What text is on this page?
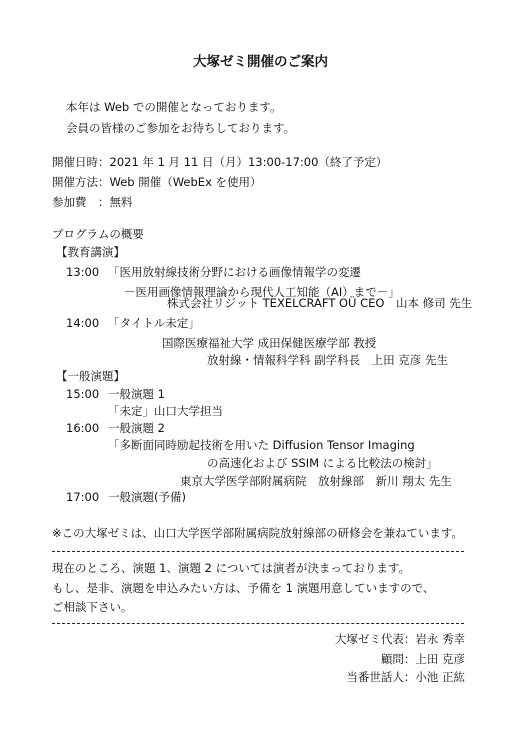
大塚ゼミ開催のご案内
本年は Web での開催となっております。
会員の皆様のご参加をお待ちしております。
開催日時：2021 年 1 月 11 日（月）13:00-17:00（終了予定）
開催方法：Web 開催（WebEx を使用）
参加費　：無料
プログラムの概要
【教育講演】
13:00 「医用放射線技術分野における画像情報学の変遷
－医用画像情報理論から現代人工知能（AI）まで－」
株式会社リジット TEXELCRAFT OÜ CEO　山本 修司 先生
14:00 「タイトル未定」
国際医療福祉大学 成田保健医療学部 教授
放射線・情報科学科 副学科長　上田 克彦 先生
【一般演題】
15:00 一般演題 1
「未定」山口大学担当
16:00 一般演題 2
「多断面同時励起技術を用いた Diffusion Tensor Imaging
の高速化および SSIM による比較法の検討」
東京大学医学部附属病院　放射線部　新川 翔太 先生
17:00 一般演題(予備)
※この大塚ゼミは、山口大学医学部附属病院放射線部の研修会を兼ねています。
現在のところ、演題 1、演題 2 については演者が決まっております。
もし、是非、演題を申込みたい方は、予備を 1 演題用意していますので、
ご相談下さい。
大塚ゼミ代表：岩永 秀幸
顧問：上田 克彦
当番世話人：小池 正紘
